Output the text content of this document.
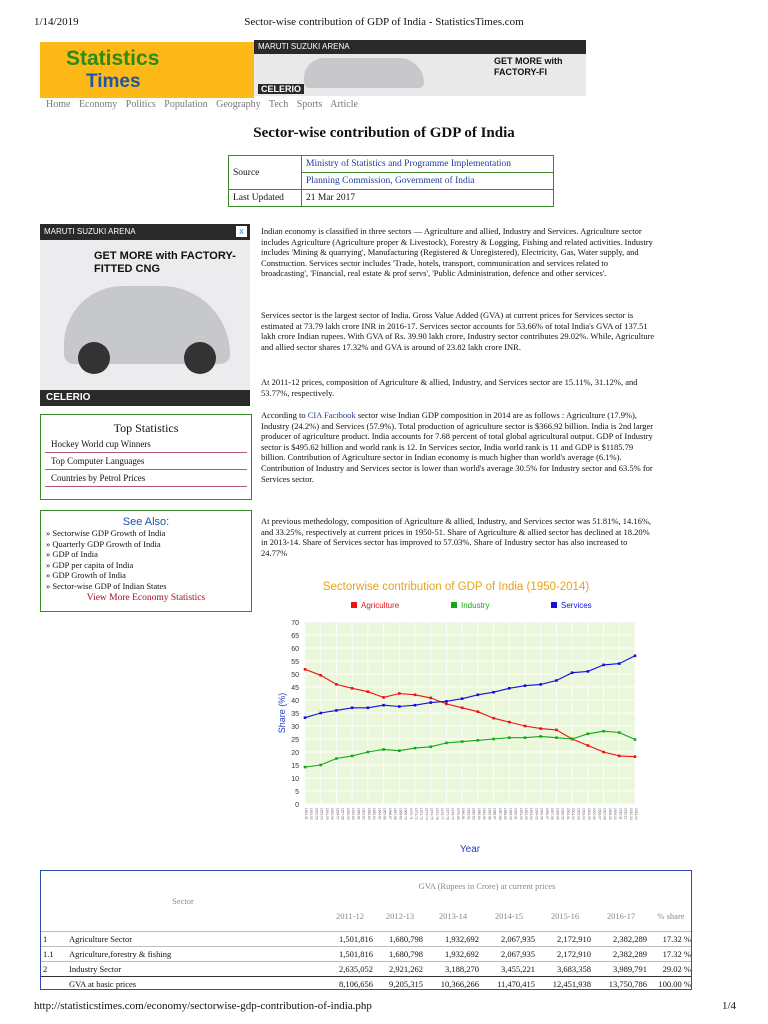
1/14/2019	Sector-wise contribution of GDP of India - StatisticsTimes.com
Statistics
Times
MARUTI SUZUKI ARENA
GET MORE with FACTORY-FI
CELERIO
Home Economy Politics Population Geography Tech Sports Article
Sector-wise contribution of GDP of India
Source	Ministry of Statistics and Programme Implementation
	Planning Commission, Government of India
Last Updated	21 Mar 2017
MARUTI SUZUKI ARENA	x
GET MORE with FACTORY-FITTED CNG
CELERIO
Top Statistics
Hockey World cup Winners
Top Computer Languages
Countries by Petrol Prices
See Also:
» Sectorwise GDP Growth of India
» Quarterly GDP Growth of India
» GDP of India
» GDP per capita of India
» GDP Growth of India
» Sector-wise GDP of Indian States
View More Economy Statistics
Indian economy is classified in three sectors — Agriculture and allied, Industry and Services. Agriculture sector includes Agriculture (Agriculture proper & Livestock), Forestry & Logging, Fishing and related activities. Industry includes 'Mining & quarrying', Manufacturing (Registered & Unregistered), Electricity, Gas, Water supply, and Construction. Services sector includes 'Trade, hotels, transport, communication and services related to broadcasting', 'Financial, real estate & prof servs', 'Public Administration, defence and other services'.
Services sector is the largest sector of India. Gross Value Added (GVA) at current prices for Services sector is estimated at 73.79 lakh crore INR in 2016-17. Services sector accounts for 53.66% of total India's GVA of 137.51 lakh crore Indian rupees. With GVA of Rs. 39.90 lakh crore, Industry sector contributes 29.02%. While, Agriculture and allied sector shares 17.32% and GVA is around of 23.82 lakh crore INR.
At 2011-12 prices, composition of Agriculture & allied, Industry, and Services sector are 15.11%, 31.12%, and 53.77%, respectively.
According to CIA Factbook sector wise Indian GDP composition in 2014 are as follows : Agriculture (17.9%), Industry (24.2%) and Services (57.9%). Total production of agriculture sector is $366.92 billion. India is 2nd larger producer of agriculture product. India accounts for 7.68 percent of total global agricultural output. GDP of Industry sector is $495.62 billion and world rank is 12. In Services sector, India world rank is 11 and GDP is $1185.79 billion. Contribution of Agriculture sector in Indian economy is much higher than world's average (6.1%). Contribution of Industry and Services sector is lower than world's average 30.5% for Industry sector and 63.5% for Services sector.
At previous methedology, composition of Agriculture & allied, Industry, and Services sector was 51.81%, 14.16%, and 33.25%, respectively at current prices in 1950-51. Share of Agriculture & allied sector has declined at 18.20% in 2013-14. Share of Services sector has improved to 57.03%. Share of Industry sector has also increased to 24.77%
Sectorwise contribution of GDP of India (1950-2014)
Agriculture	Industry	Services
0
5
10
15
20
25
30
35
40
45
50
55
60
65
70
1950-51 1951-52 1952-53 1953-54 1954-55 1955-56 1956-57 1957-58 1958-59 1959-60 1960-61 1961-62 1962-63 1963-64 1964-65 1965-66 1966-67 1967-68 1968-69 1969-70 1970-71 1971-72 1972-73 1973-74 1974-75 1975-76 1976-77 1977-78 1978-79 1979-80 1980-81 1981-82 1982-83 1983-84 1984-85 1985-86 1986-87 1987-88 1988-89 1989-90 1990-91 1991-92 1992-93 1993-94 1994-95 1995-96 1996-97 1997-98 1998-99 1999-00 2000-01 2001-02 2002-03 2003-04 2004-05 2005-06 2006-07 2007-08 2008-09 2009-10 2010-11 2011-12 2012-13 2013-14
Share (%)
Year
Sector		GVA (Rupees in Crore) at current prices						
		2011-12	2012-13	2013-14	2014-15	2015-16	2016-17	% share
1	Agriculture Sector	1,501,816	1,680,798	1,932,692	2,067,935	2,172,910	2,382,289	17.32 %
1.1	Agriculture,forestry & fishing	1,501,816	1,680,798	1,932,692	2,067,935	2,172,910	2,382,289	17.32 %
2	Industry Sector	2,635,052	2,921,262	3,188,270	3,455,221	3,683,358	3,989,791	29.02 %
	GVA at basic prices	8,106,656	9,205,315	10,366,266	11,470,415	12,451,938	13,750,786	100.00 %
http://statisticstimes.com/economy/sectorwise-gdp-contribution-of-india.php	1/4
